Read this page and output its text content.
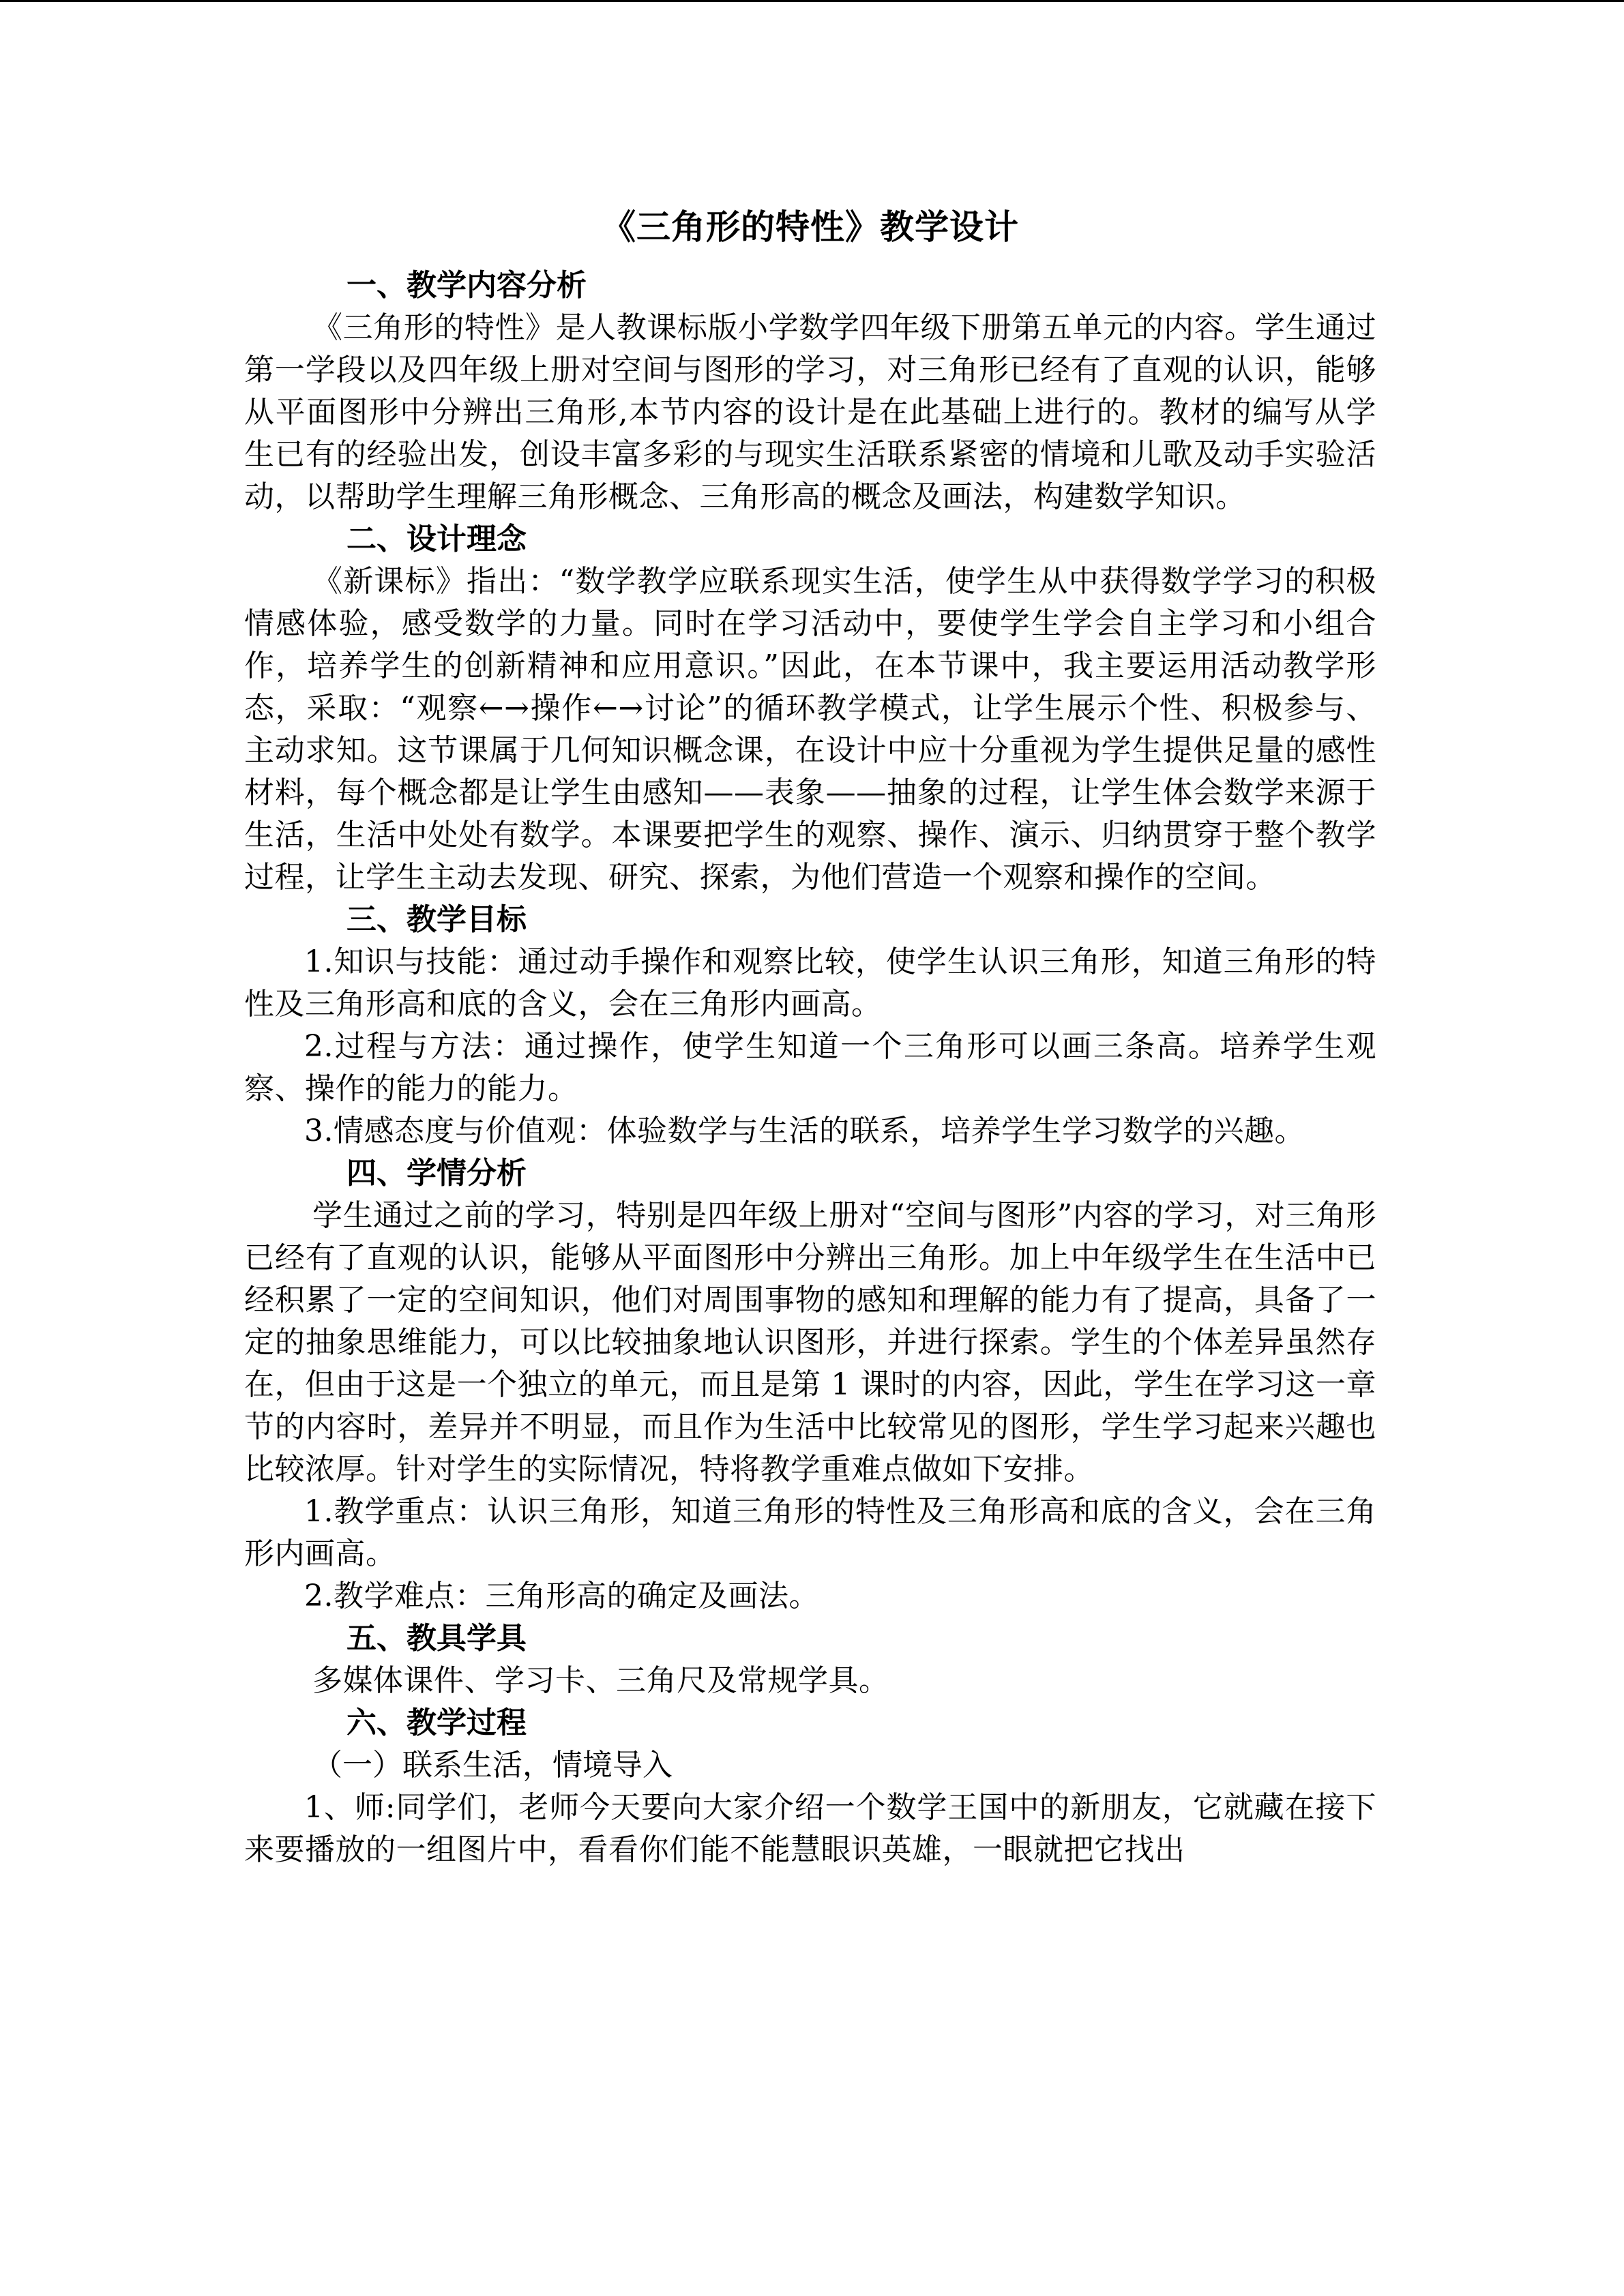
《三角形的特性》教学设计
一、教学内容分析

《三角形的特性》是人教课标版小学数学四年级下册第五单元的内容。学生通过第一学段以及四年级上册对空间与图形的学习，对三角形已经有了直观的认识，能够从平面图形中分辨出三角形,本节内容的设计是在此基础上进行的。教材的编写从学生已有的经验出发，创设丰富多彩的与现实生活联系紧密的情境和儿歌及动手实验活动，以帮助学生理解三角形概念、三角形高的概念及画法，构建数学知识。

二、设计理念

《新课标》指出：“数学教学应联系现实生活，使学生从中获得数学学习的积极情感体验，感受数学的力量。同时在学习活动中，要使学生学会自主学习和小组合作，培养学生的创新精神和应用意识。”因此，在本节课中，我主要运用活动教学形态，采取：“观察←→操作←→讨论”的循环教学模式，让学生展示个性、积极参与、主动求知。这节课属于几何知识概念课，在设计中应十分重视为学生提供足量的感性材料，每个概念都是让学生由感知——表象——抽象的过程，让学生体会数学来源于生活，生活中处处有数学。本课要把学生的观察、操作、演示、归纳贯穿于整个教学过程，让学生主动去发现、研究、探索，为他们营造一个观察和操作的空间。

三、教学目标

1.知识与技能：通过动手操作和观察比较，使学生认识三角形，知道三角形的特性及三角形高和底的含义，会在三角形内画高。

2.过程与方法：通过操作，使学生知道一个三角形可以画三条高。培养学生观察、操作的能力的能力。

3.情感态度与价值观：体验数学与生活的联系，培养学生学习数学的兴趣。

四、学情分析

学生通过之前的学习，特别是四年级上册对“空间与图形”内容的学习，对三角形已经有了直观的认识，能够从平面图形中分辨出三角形。加上中年级学生在生活中已经积累了一定的空间知识，他们对周围事物的感知和理解的能力有了提高，具备了一定的抽象思维能力，可以比较抽象地认识图形，并进行探索。学生的个体差异虽然存在，但由于这是一个独立的单元，而且是第 1 课时的内容，因此，学生在学习这一章节的内容时，差异并不明显，而且作为生活中比较常见的图形，学生学习起来兴趣也比较浓厚。针对学生的实际情况，特将教学重难点做如下安排。

1.教学重点：认识三角形，知道三角形的特性及三角形高和底的含义，会在三角形内画高。

2.教学难点：三角形高的确定及画法。

五、教具学具

多媒体课件、学习卡、三角尺及常规学具。

六、教学过程

（一）联系生活，情境导入

1、师:同学们，老师今天要向大家介绍一个数学王国中的新朋友，它就藏在接下来要播放的一组图片中，看看你们能不能慧眼识英雄，一眼就把它找出
